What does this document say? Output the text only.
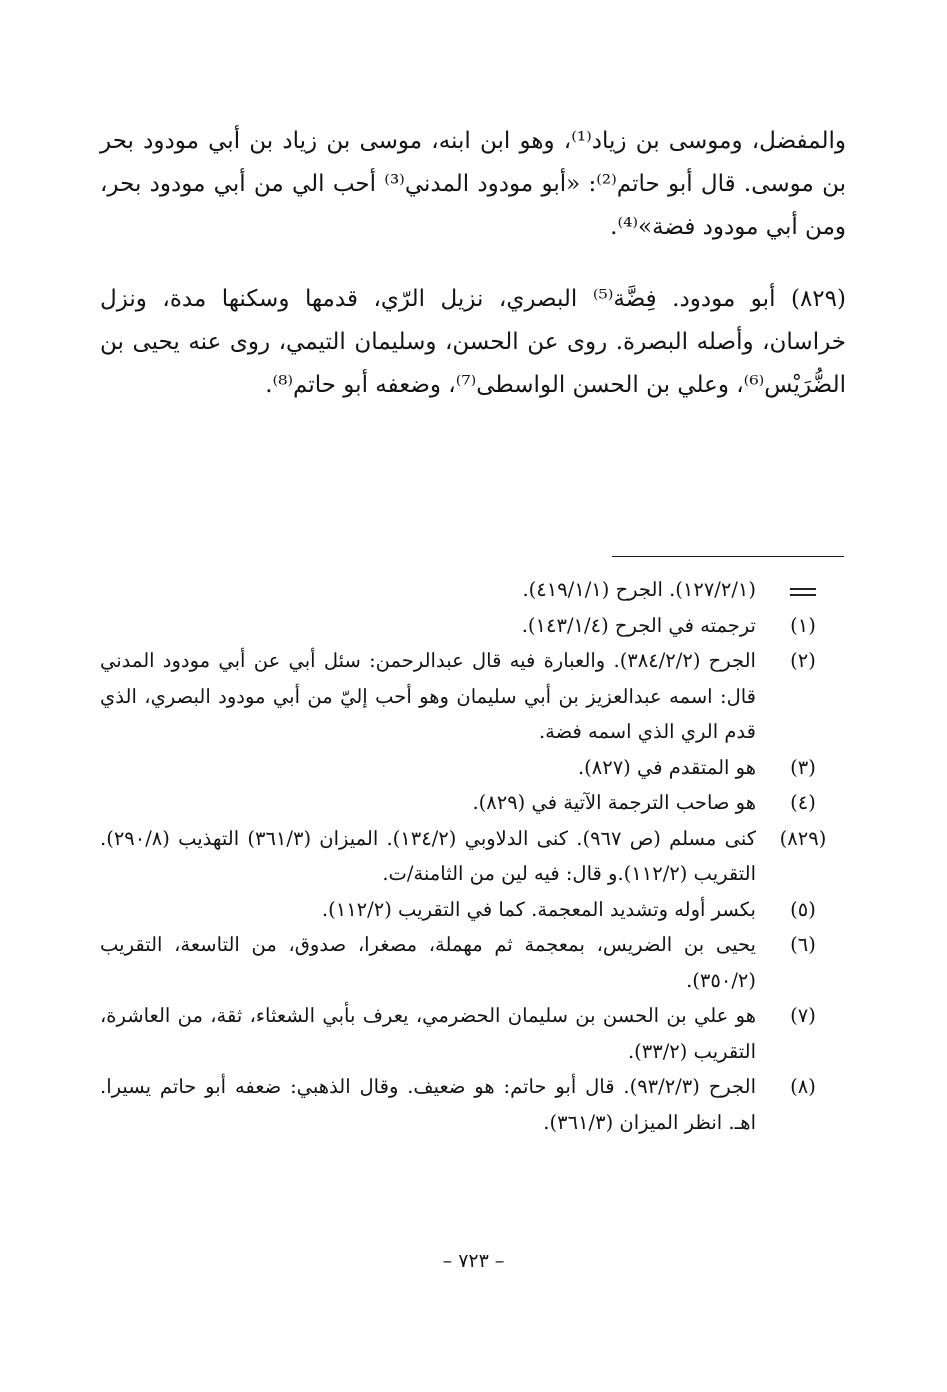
والمفضل، وموسى بن زياد⁽¹⁾، وهو ابن ابنه، موسى بن زياد بن أبي مودود بحر بن موسى. قال أبو حاتم⁽²⁾: «أبو مودود المدني⁽³⁾ أحب الي من أبي مودود بحر، ومن أبي مودود فضة»⁽⁴⁾.

(٨٢٩) أبو مودود. فِضَّة⁽⁵⁾ البصري، نزيل الرّي، قدمها وسكنها مدة، ونزل خراسان، وأصله البصرة. روى عن الحسن، وسليمان التيمي، روى عنه يحيى بن الضُّرَيْس⁽⁶⁾، وعلي بن الحسن الواسطى⁽⁷⁾، وضعفه أبو حاتم⁽⁸⁾.

(١٢٧/٢/١). الجرح (٤١٩/١/١).
(١)
ترجمته في الجرح (١٤٣/١/٤).
(٢)
الجرح (٣٨٤/٢/٢). والعبارة فيه قال عبدالرحمن: سئل أبي عن أبي مودود المدني قال: اسمه عبدالعزيز بن أبي سليمان وهو أحب إليّ من أبي مودود البصري، الذي قدم الري الذي اسمه فضة.
(٣)
هو المتقدم في (٨٢٧).
(٤)
هو صاحب الترجمة الآتية في (٨٢٩).
(٨٢٩)
كنى مسلم (ص ٩٦٧). كنى الدلاوبي (١٣٤/٢). الميزان (٣٦١/٣) التهذيب (٢٩٠/٨). التقريب (١١٢/٢).و قال: فيه لين من الثامنة/ت.
(٥)
بكسر أوله وتشديد المعجمة. كما في التقريب (١١٢/٢).
(٦)
يحيى بن الضريس، بمعجمة ثم مهملة، مصغرا، صدوق، من التاسعة، التقريب (٣٥٠/٢).
(٧)
هو علي بن الحسن بن سليمان الحضرمي، يعرف بأبي الشعثاء، ثقة، من العاشرة، التقريب (٣٣/٢).
(٨)
الجرح (٩٣/٢/٣). قال أبو حاتم: هو ضعيف. وقال الذهبي: ضعفه أبو حاتم يسيرا. اهـ. انظر الميزان (٣٦١/٣).
– ٧٢٣ –
